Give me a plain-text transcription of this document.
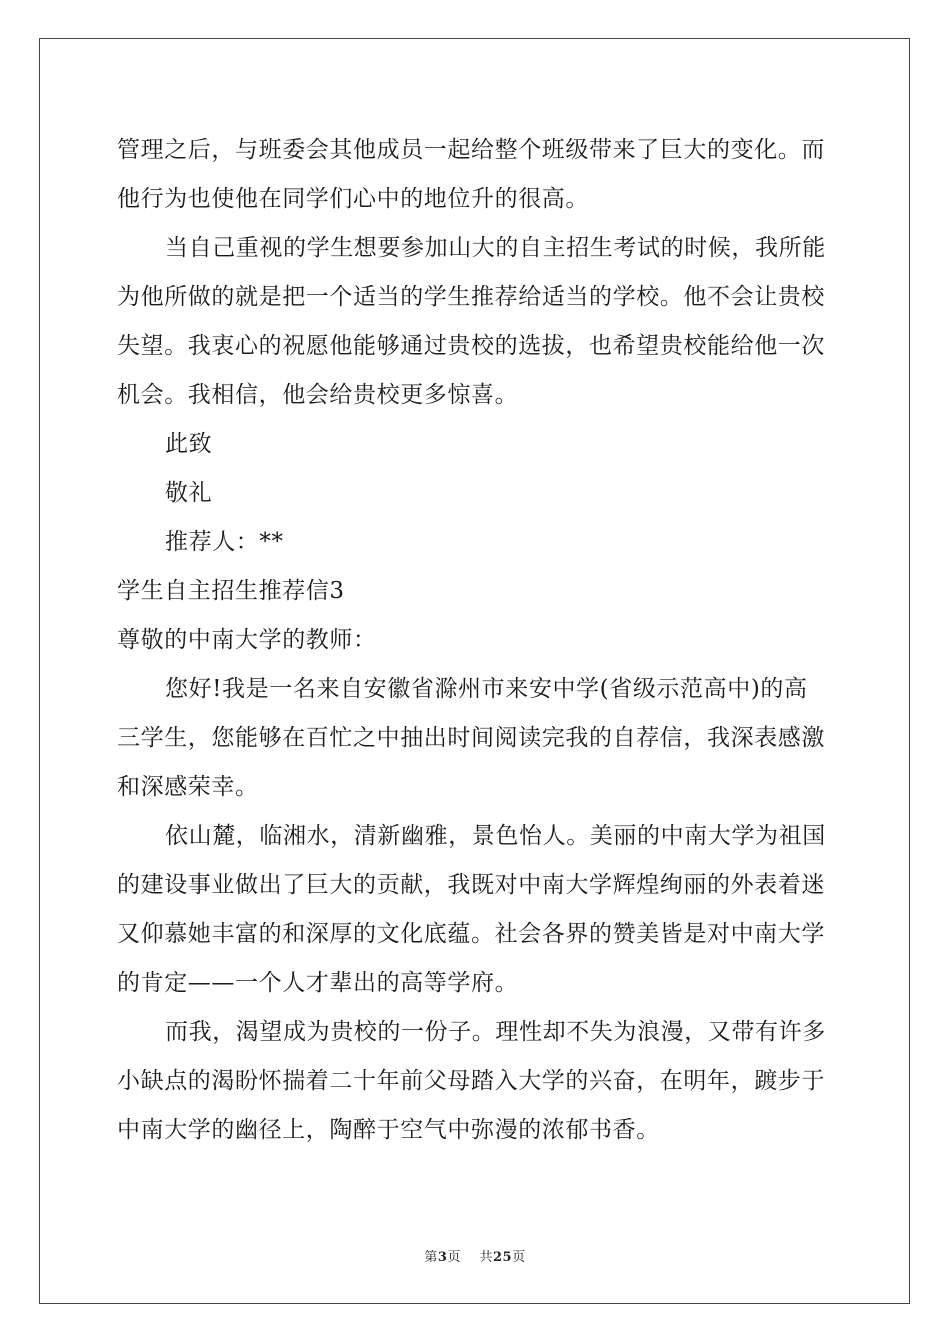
管理之后，与班委会其他成员一起给整个班级带来了巨大的变化。而
他行为也使他在同学们心中的地位升的很高。
当自己重视的学生想要参加山大的自主招生考试的时候，我所能
为他所做的就是把一个适当的学生推荐给适当的学校。他不会让贵校
失望。我衷心的祝愿他能够通过贵校的选拔，也希望贵校能给他一次
机会。我相信，他会给贵校更多惊喜。
此致
敬礼
推荐人：**
学生自主招生推荐信3
尊敬的中南大学的教师：
您好!我是一名来自安徽省滁州市来安中学(省级示范高中)的高
三学生，您能够在百忙之中抽出时间阅读完我的自荐信，我深表感激
和深感荣幸。
依山麓，临湘水，清新幽雅，景色怡人。美丽的中南大学为祖国
的建设事业做出了巨大的贡献，我既对中南大学辉煌绚丽的外表着迷
又仰慕她丰富的和深厚的文化底蕴。社会各界的赞美皆是对中南大学
的肯定——一个人才辈出的高等学府。
而我，渴望成为贵校的一份子。理性却不失为浪漫，又带有许多
小缺点的渴盼怀揣着二十年前父母踏入大学的兴奋，在明年，踱步于
中南大学的幽径上，陶醉于空气中弥漫的浓郁书香。
第3页 共25页
